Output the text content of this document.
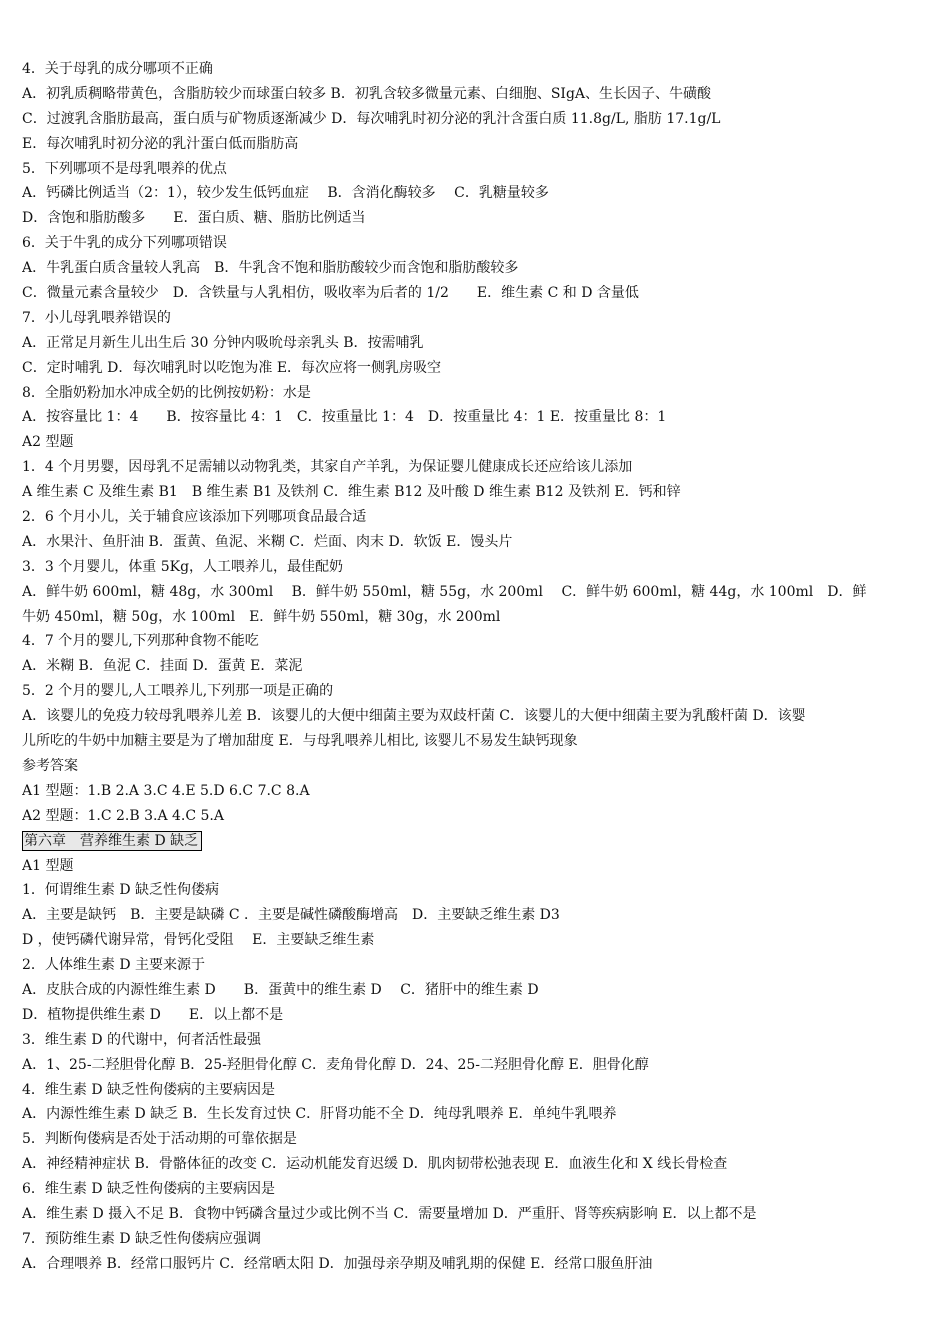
4．关于母乳的成分哪项不正确
A．初乳质稠略带黄色，含脂肪较少而球蛋白较多 B．初乳含较多微量元素、白细胞、SIgA、生长因子、牛磺酸
C．过渡乳含脂肪最高，蛋白质与矿物质逐渐减少 D．每次哺乳时初分泌的乳汁含蛋白质 11.8g/L, 脂肪 17.1g/L
E．每次哺乳时初分泌的乳汁蛋白低而脂肪高
5．下列哪项不是母乳喂养的优点
A．钙磷比例适当（2：1），较少发生低钙血症　 B．含消化酶较多　 C．乳糖量较多
D．含饱和脂肪酸多　　E．蛋白质、糖、脂肪比例适当
6．关于牛乳的成分下列哪项错误
A．牛乳蛋白质含量较人乳高　B．牛乳含不饱和脂肪酸较少而含饱和脂肪酸较多
C．微量元素含量较少　D．含铁量与人乳相仿，吸收率为后者的 1/2　　E．维生素 C 和 D 含量低
7．小儿母乳喂养错误的
A．正常足月新生儿出生后 30 分钟内吸吮母亲乳头 B．按需哺乳
C．定时哺乳 D．每次哺乳时以吃饱为准 E．每次应将一侧乳房吸空
8．全脂奶粉加水冲成全奶的比例按奶粉：水是
A．按容量比 1：4　　B．按容量比 4：1　C．按重量比 1：4　D．按重量比 4：1 E．按重量比 8：1
A2 型题
1．4 个月男婴，因母乳不足需辅以动物乳类，其家自产羊乳，为保证婴儿健康成长还应给该儿添加
A 维生素 C 及维生素 B1　B 维生素 B1 及铁剂 C．维生素 B12 及叶酸 D 维生素 B12 及铁剂 E．钙和锌
2．6 个月小儿，关于辅食应该添加下列哪项食品最合适
A．水果汁、鱼肝油 B．蛋黄、鱼泥、米糊 C．烂面、肉末 D．软饭 E．馒头片
3．3 个月婴儿，体重 5Kg，人工喂养儿，最佳配奶
A．鲜牛奶 600ml，糖 48g，水 300ml　 B．鲜牛奶 550ml，糖 55g，水 200ml　 C．鲜牛奶 600ml，糖 44g，水 100ml　D．鲜
牛奶 450ml，糖 50g，水 100ml　E．鲜牛奶 550ml，糖 30g，水 200ml
4．7 个月的婴儿,下列那种食物不能吃
A．米糊 B．鱼泥 C．挂面 D．蛋黄 E．菜泥
5．2 个月的婴儿,人工喂养儿,下列那一项是正确的
A．该婴儿的免疫力较母乳喂养儿差 B．该婴儿的大便中细菌主要为双歧杆菌 C．该婴儿的大便中细菌主要为乳酸杆菌 D．该婴
儿所吃的牛奶中加糖主要是为了增加甜度 E．与母乳喂养儿相比, 该婴儿不易发生缺钙现象
参考答案
A1 型题：1.B 2.A 3.C 4.E 5.D 6.C 7.C 8.A
A2 型题：1.C 2.B 3.A 4.C 5.A
第六章　营养维生素 D 缺乏
A1 型题
1．何谓维生素 D 缺乏性佝偻病
A．主要是缺钙　B．主要是缺磷 C ．主要是碱性磷酸酶增高　D．主要缺乏维生素 D3
D ，使钙磷代谢异常，骨钙化受阻　 E．主要缺乏维生素
2．人体维生素 D 主要来源于
A．皮肤合成的内源性维生素 D　　B．蛋黄中的维生素 D　 C．猪肝中的维生素 D
D．植物提供维生素 D　　E．以上都不是
3．维生素 D 的代谢中，何者活性最强
A．1、25-二羟胆骨化醇 B．25-羟胆骨化醇 C．麦角骨化醇 D．24、25-二羟胆骨化醇 E．胆骨化醇
4．维生素 D 缺乏性佝偻病的主要病因是
A．内源性维生素 D 缺乏 B．生长发育过快 C．肝肾功能不全 D．纯母乳喂养 E．单纯牛乳喂养
5．判断佝偻病是否处于活动期的可靠依据是
A．神经精神症状 B．骨骼体征的改变 C．运动机能发育迟缓 D．肌肉韧带松弛表现 E．血液生化和 X 线长骨检查
6．维生素 D 缺乏性佝偻病的主要病因是
A．维生素 D 摄入不足 B．食物中钙磷含量过少或比例不当 C．需要量增加 D．严重肝、肾等疾病影响 E．以上都不是
7．预防维生素 D 缺乏性佝偻病应强调
A．合理喂养 B．经常口服钙片 C．经常晒太阳 D．加强母亲孕期及哺乳期的保健 E．经常口服鱼肝油
